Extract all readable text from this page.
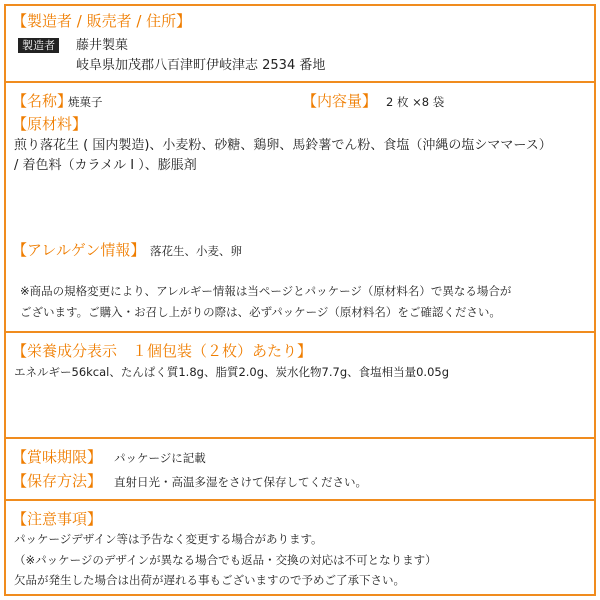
【製造者 / 販売者 / 住所】
製造者	藤井製菓
岐阜県加茂郡八百津町伊岐津志 2534 番地
【名称】
焼菓子	【内容量】 2 枚 ×8 袋
【原材料】
煎り落花生 ( 国内製造)、小麦粉、砂糖、鶏卵、馬鈴薯でん粉、食塩（沖縄の塩シママース）
/ 着色料（カラメル I ）、膨脹剤
【アレルゲン情報】 落花生、小麦、卵
※商品の規格変更により、アレルギー情報は当ページとパッケージ（原材料名）で異なる場合が
ございます。ご購入・お召し上がりの際は、必ずパッケージ（原材料名）をご確認ください。
【栄養成分表示　１個包装（２枚）あたり】
エネルギー56kcal、たんぱく質1.8g、脂質2.0g、炭水化物7.7g、食塩相当量0.05g
【賞味期限】 パッケージに記載
【保存方法】 直射日光・高温多湿をさけて保存してください。
【注意事項】
パッケージデザイン等は予告なく変更する場合があります。
（※パッケージのデザインが異なる場合でも返品・交換の対応は不可となります）
欠品が発生した場合は出荷が遅れる事もございますので予めご了承下さい。
